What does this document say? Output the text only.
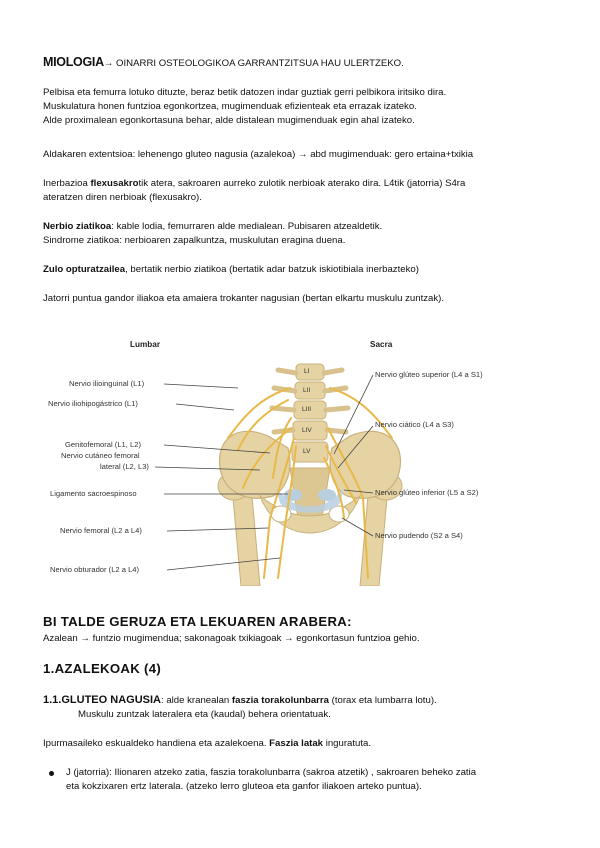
MIOLOGIA→ OINARRI OSTEOLOGIKOA GARRANTZITSUA HAU ULERTZEKO.

Pelbisa eta femurra lotuko dituzte, beraz betik datozen indar guztiak gerri pelbikora iritsiko dira.
Muskulatura honen funtzioa egonkortzea, mugimenduak efizienteak eta errazak izateko.
Alde proximalean egonkortasuna behar, alde distalean mugimenduak egin ahal izateko.

Aldakaren extentsioa: lehenengo gluteo nagusia (azalekoa) → abd mugimenduak: gero ertaina+txikia

Inerbazioa flexusakrotik atera, sakroaren aurreko zulotik nerbioak aterako dira. L4tik (jatorria) S4ra
ateratzen diren nerbioak (flexusakro).
Nerbio ziatikoa: kable lodia, femurraren alde medialean. Pubisaren atzealdetik.
Sindrome ziatikoa: nerbioaren zapalkuntza, muskulutan eragina duena.

Zulo opturatzailea, bertatik nerbio ziatikoa (bertatik adar batzuk iskiotibiala inerbazteko)

Jatorri puntua gandor iliakoa eta amaiera trokanter nagusian (bertan elkartu muskulu zuntzak).

Lumbar	Sacra
LI
LII
LIII
LIV
LV
Nervio ilioinguinal (L1)
Nervio iliohipogástrico (L1)
Genitofemoral (L1, L2)
Nervio cutáneo femoral
lateral (L2, L3)
Ligamento sacroespinoso
Nervio femoral (L2 a L4)
Nervio obturador (L2 a L4)
Nervio glúteo superior (L4 a S1)
Nervio ciático (L4 a S3)
Nervio glúteo inferior (L5 a S2)
Nervio pudendo (S2 a S4)
BI TALDE GERUZA ETA LEKUAREN ARABERA:

Azalean → funtzio mugimendua; sakonagoak txikiagoak → egonkortasun funtzioa gehio.

1.AZALEKOAK (4)
1.1.GLUTEO NAGUSIA: alde kranealan faszia torakolunbarra (torax eta lumbarra lotu).
Muskulu zuntzak lateralera eta (kaudal) behera orientatuak.

Ipurmasaileko eskualdeko handiena eta azalekoena. Faszia latak inguratuta.

J (jatorria): Ilionaren atzeko zatia, faszia torakolunbarra (sakroa atzetik) , sakroaren beheko zatia
eta kokzixaren ertz laterala. (atzeko lerro gluteoa eta ganfor iliakoen arteko puntua).
